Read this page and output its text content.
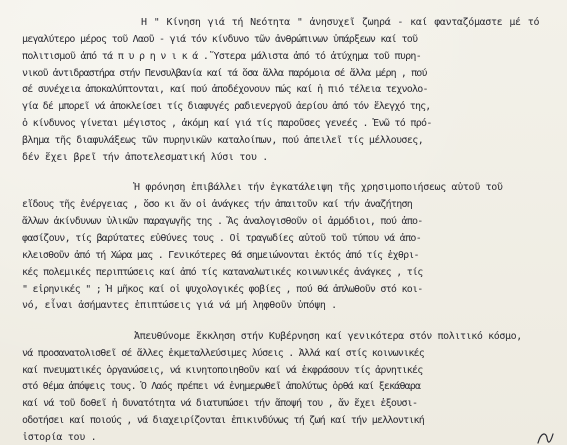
Η " Κίνηση γιά τή Νεότητα " ἀνησυχεῖ ζωηρά - καί φανταζόμαστε μέ τό

μεγαλύτερο μέρος τοῦ Λαοῦ - γιά τόν κίνδυνο τῶν ἀνθρώπινων ὑπάρξεων καί τοῦ

πολιτισμοῦ ἀπό τά π υ ρ η ν ι κ ά . Ὕστερα μάλιστα ἀπό τό ἀτύχημα τοῦ πυρη-

νικοῦ ἀντιδραστήρα στήν Πενσυλβανία καί τά ὅσα ἄλλα παρόμοια σέ ἄλλα μέρη , πού

σέ συνέχεια ἀποκαλύπτονται, καί πού ἀποδέχονουν πώς καί ἡ πιό τέλεια τεχνολο-

γία δέ μπορεῖ νά ἀποκλείσει τίς διαφυγές ραδιενεργοῦ ἀερίου ἀπό τόν ἔλεγχό της,

ὁ κίνδυνος γίνεται μέγιστος , ἀκόμη καί γιά τίς παροῦσες γενεές . Ἐνῶ τό πρό-

βλημα τῆς διαφυλάξεως τῶν πυρηνικῶν καταλοίπων, πού ἀπειλεῖ τίς μέλλουσες,

δέν ἔχει βρεῖ τήν ἀποτελεσματική λύσι του .

Ἡ φρόνηση ἐπιβάλλει τήν ἐγκατάλειψη τῆς χρησιμοποιήσεως αὐτοῦ τοῦ

εἴδους τῆς ἐνέργειας , ὅσο κι ἄν οἱ ἀνάγκες τήν ἀπαιτοῦν καί τήν ἀναζήτηση

ἄλλων ἀκίνδυνων ὑλικῶν παραγωγῆς της . Ἄς ἀναλογισθοῦν οἱ ἁρμόδιοι, πού ἀπο-

φασίζουν, τίς βαρύτατες εὐθύνες τους . Οἱ τραγωδίες αὐτοῦ τοῦ τύπου νά ἀπο-

κλεισθοῦν ἀπό τή Χώρα μας . Γενικότερες θά σημειώνονται ἐκτός ἀπό τίς ἐχθρι-

κές πολεμικές περιπτώσεις καί ἀπό τίς καταναλωτικές κοινωνικές ἀνάγκες , τίς

" εἰρηνικές " ; Ἡ μῆκος καί οἱ ψυχολογικές φοβίες , πού θά ἀπλωθοῦν στό κοι-

νό, εἶναι ἀσήμαντες ἐπιπτώσεις γιά νά μή ληφθοῦν ὑπόψη .

Ἀπευθύνομε ἔκκληση στήν Κυβέρνηση καί γενικότερα στόν πολιτικό κόσμο,

νά προσανατολισθεῖ σέ ἄλλες ἐκμεταλλεύσιμες λύσεις . Ἀλλά καί στίς κοινωνικές

καί πνευματικές ὀργανώσεις, νά κινητοποιηθοῦν καί νά ἐκφράσουν τίς ἀρνητικές

στό θέμα ἀπόψεις τους. Ὁ Λαός πρέπει νά ἐνημερωθεῖ ἀπολύτως ὀρθά καί ξεκάθαρα

καί νά τοῦ δοθεῖ ἡ δυνατότητα νά διατυπώσει τήν ἄποψή του , ἄν ἔχει ἐξουσι-

οδοτήσει καί ποιούς , νά διαχειρίζονται ἐπικινδύνως τή ζωή καί τήν μελλοντική

ἱστορία του .
